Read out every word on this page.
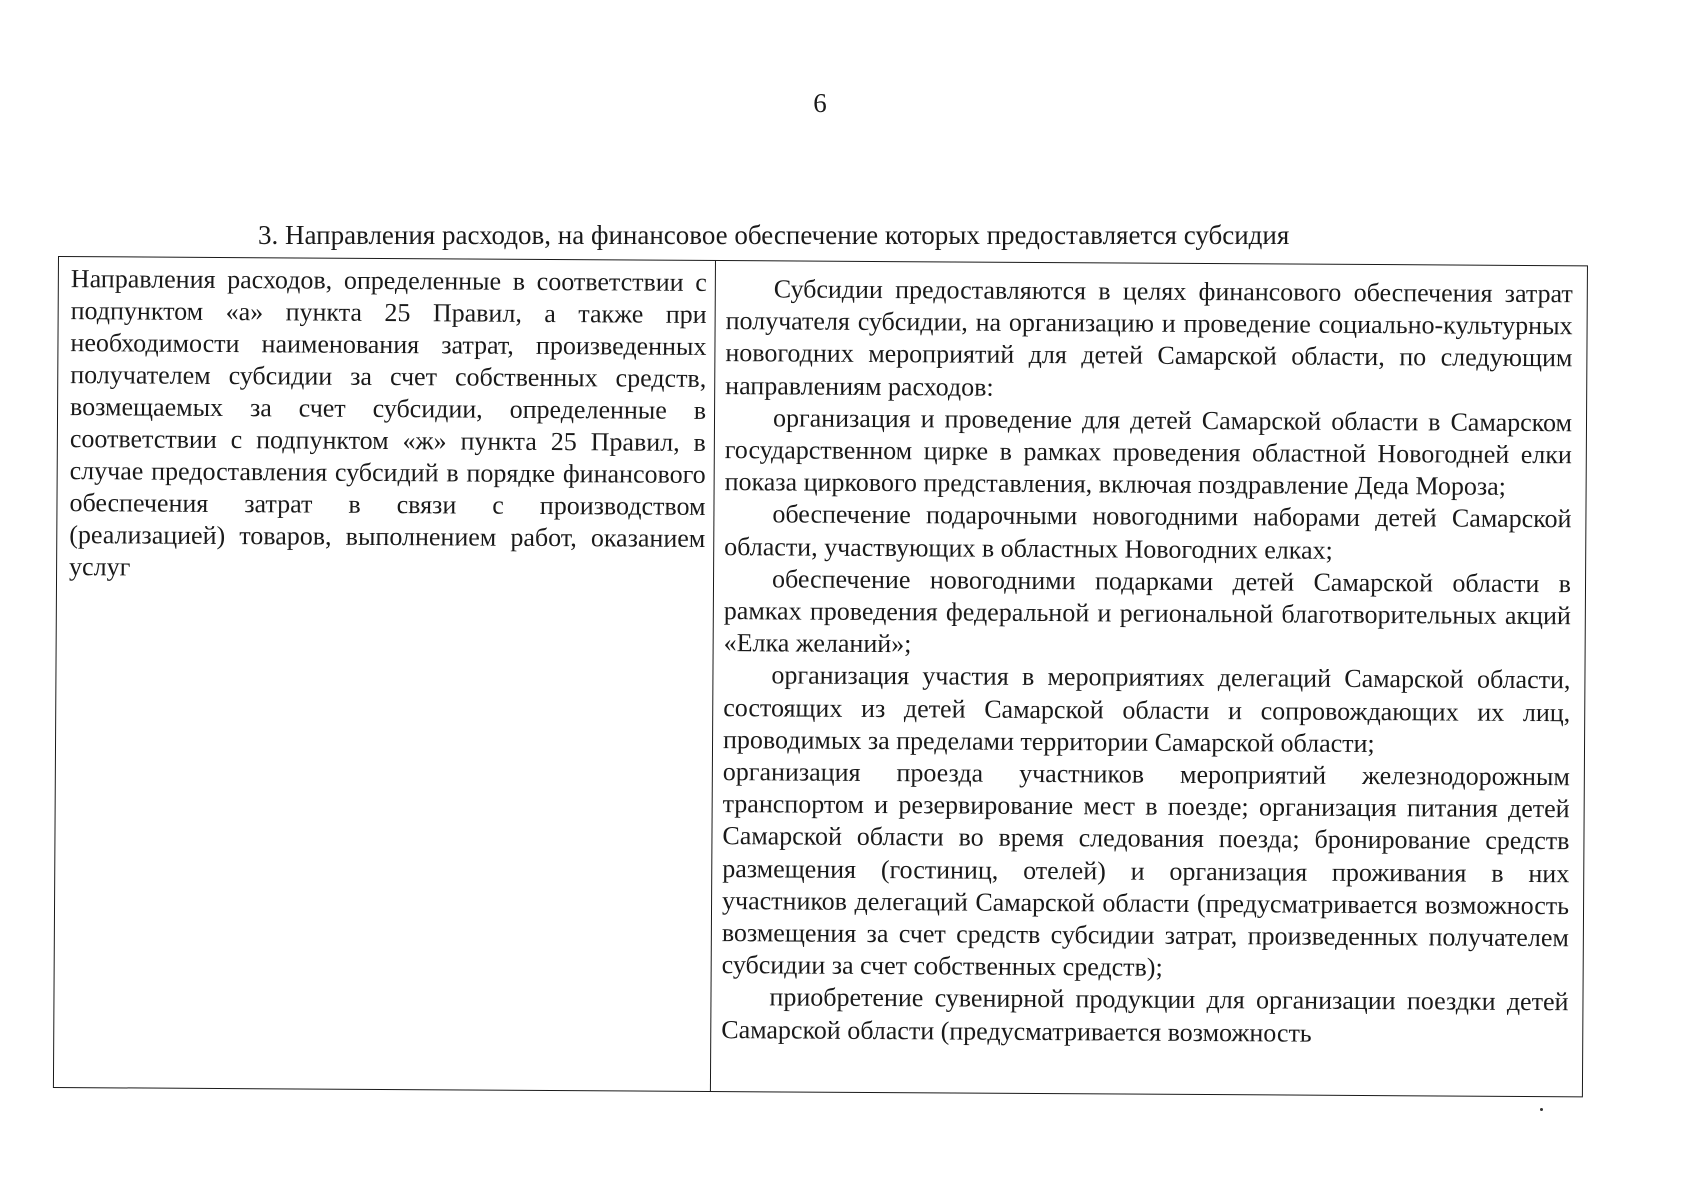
6
3. Направления расходов, на финансовое обеспечение которых предоставляется субсидия
Направления расходов, определенные в соответствии с подпунктом «а» пункта 25 Правил, а также при необходимости наименования затрат, произведенных получателем субсидии за счет собственных средств, возмещаемых за счет субсидии, определенные в соответствии с подпунктом «ж» пункта 25 Правил, в случае предоставления субсидий в порядке финансового обеспечения затрат в связи с производством (реализацией) товаров, выполнением работ, оказанием услуг

Субсидии предоставляются в целях финансового обеспечения затрат получателя субсидии, на организацию и проведение социально-культурных новогодних мероприятий для детей Самарской области, по следующим направлениям расходов:

организация и проведение для детей Самарской области в Самарском государственном цирке в рамках проведения областной Новогодней елки показа циркового представления, включая поздравление Деда Мороза;

обеспечение подарочными новогодними наборами детей Самарской области, участвующих в областных Новогодних елках;

обеспечение новогодними подарками детей Самарской области в рамках проведения федеральной и региональной благотворительных акций «Елка желаний»;

организация участия в мероприятиях делегаций Самарской области, состоящих из детей Самарской области и сопровождающих их лиц, проводимых за пределами территории Самарской области;

организация проезда участников мероприятий железнодорожным транспортом и резервирование мест в поезде; организация питания детей Самарской области во время следования поезда; бронирование средств размещения (гостиниц, отелей) и организация проживания в них участников делегаций Самарской области (предусматривается возможность возмещения за счет средств субсидии затрат, произведенных получателем субсидии за счет собственных средств);

приобретение сувенирной продукции для организации поездки детей Самарской области (предусматривается возможность
